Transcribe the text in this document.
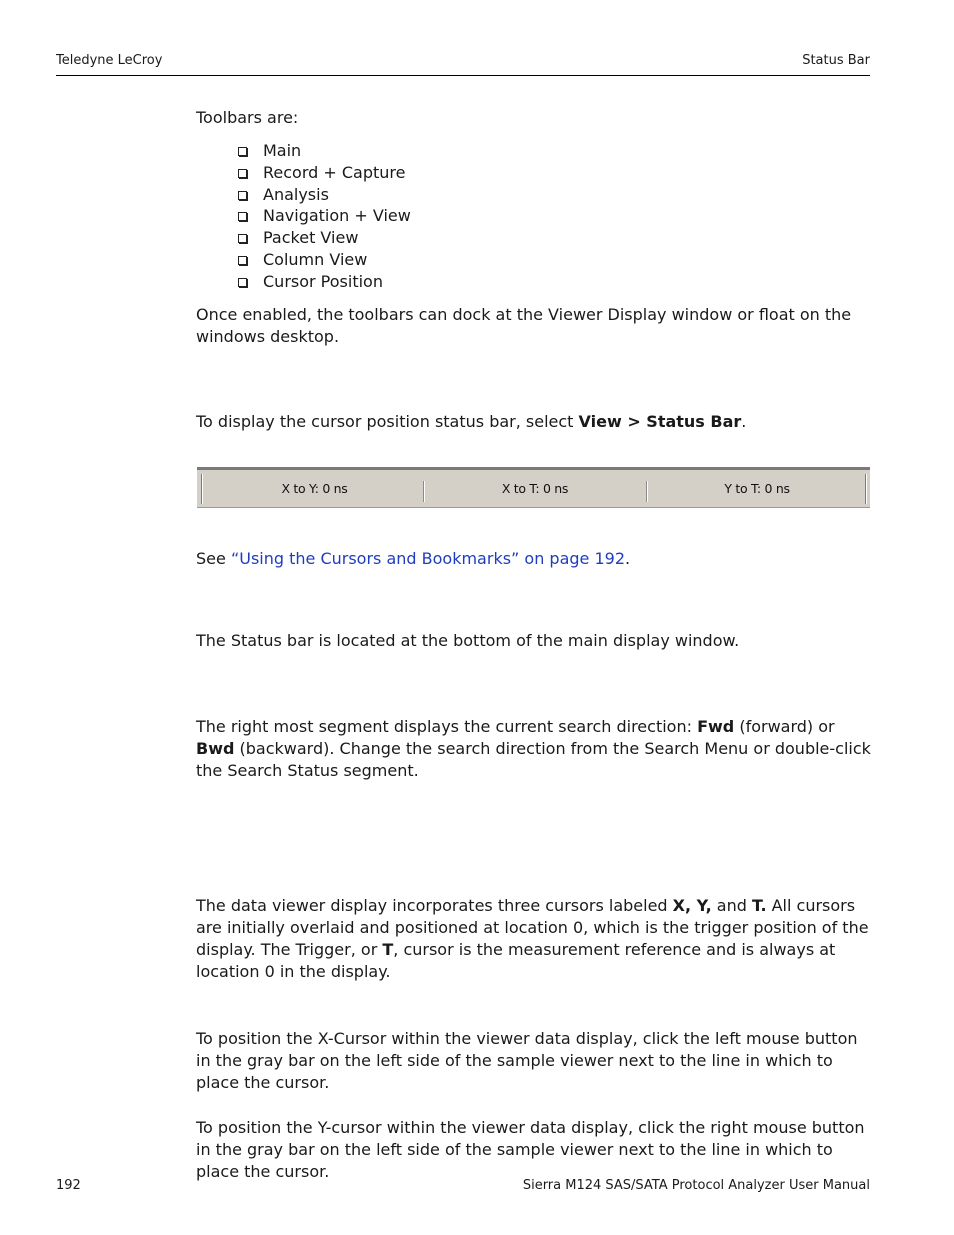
Teledyne LeCroy	Status Bar

Toolbars are:

Main
Record + Capture
Analysis
Navigation + View
Packet View
Column View
Cursor Position

Once enabled, the toolbars can dock at the Viewer Display window or float on the windows desktop.

To display the cursor position status bar, select View > Status Bar.

X to Y: 0 ns	X to T: 0 ns	Y to T: 0 ns

See “Using the Cursors and Bookmarks” on page 192.

The Status bar is located at the bottom of the main display window.

The right most segment displays the current search direction: Fwd (forward) or
Bwd (backward). Change the search direction from the Search Menu or double-click the Search Status segment.

The data viewer display incorporates three cursors labeled X, Y, and T. All cursors are initially overlaid and positioned at location 0, which is the trigger position of the display. The Trigger, or T, cursor is the measurement reference and is always at location 0 in the display.

To position the X-Cursor within the viewer data display, click the left mouse button in the gray bar on the left side of the sample viewer next to the line in which to place the cursor.

To position the Y-cursor within the viewer data display, click the right mouse button in the gray bar on the left side of the sample viewer next to the line in which to place the cursor.

192	Sierra M124 SAS/SATA Protocol Analyzer User Manual
